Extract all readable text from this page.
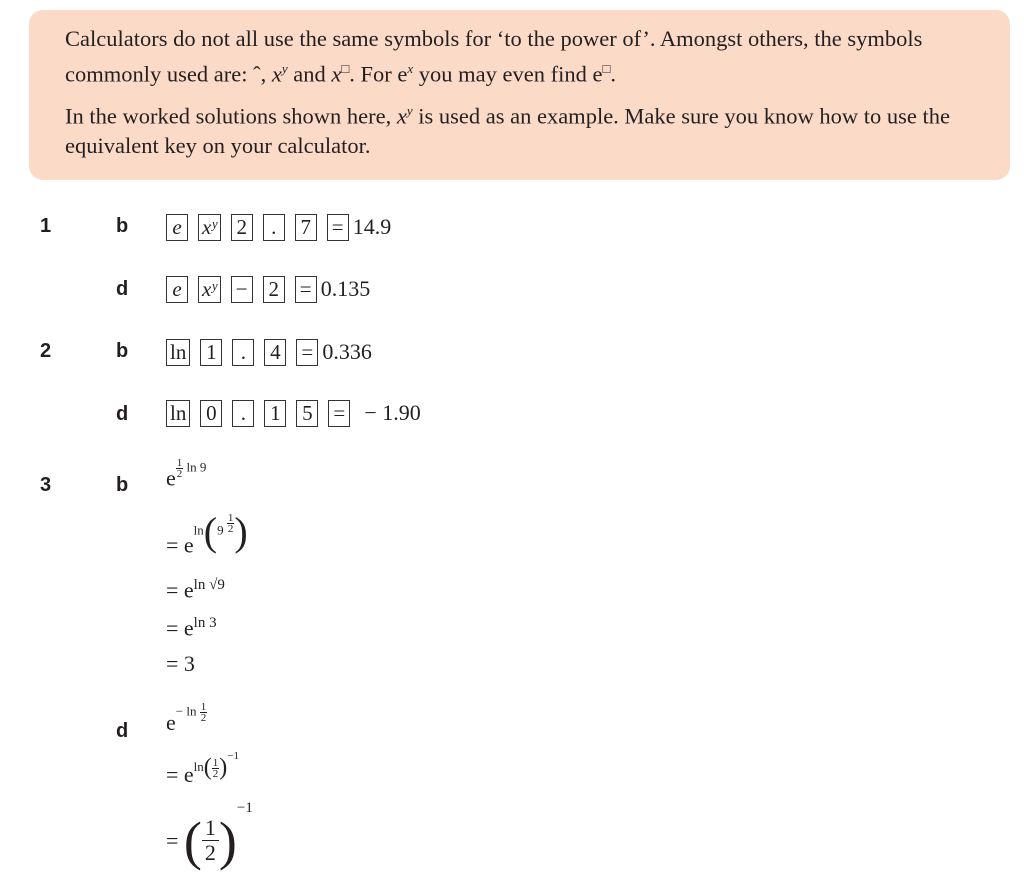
Calculators do not all use the same symbols for ‘to the power of’. Amongst others, the symbols commonly used are: ˆ, $x^y$ and x□. For $e^x$ you may even find e□.

In the worked solutions shown here, $x^y$ is used as an example. Make sure you know how to use the equivalent key on your calculator.

1	b e xʸ 2	.	7 = 14.9
d e xʸ − 2 = 0.135
2	b ln 1	.	4 = 0.336
d ln 0	.	1 5 = − 1.90
3	b e $\frac{1}{2}$ ln 9
= $eln(9 \frac{1}{2}$ )
= $e^{ln √9}$
= $e^{ln 3}$
= 3
d $e- \ln \frac{1}{2}$
= $eln( \frac{1}{2} )^{-1}$
= ( $\frac{1}{2} )^{-1}$
